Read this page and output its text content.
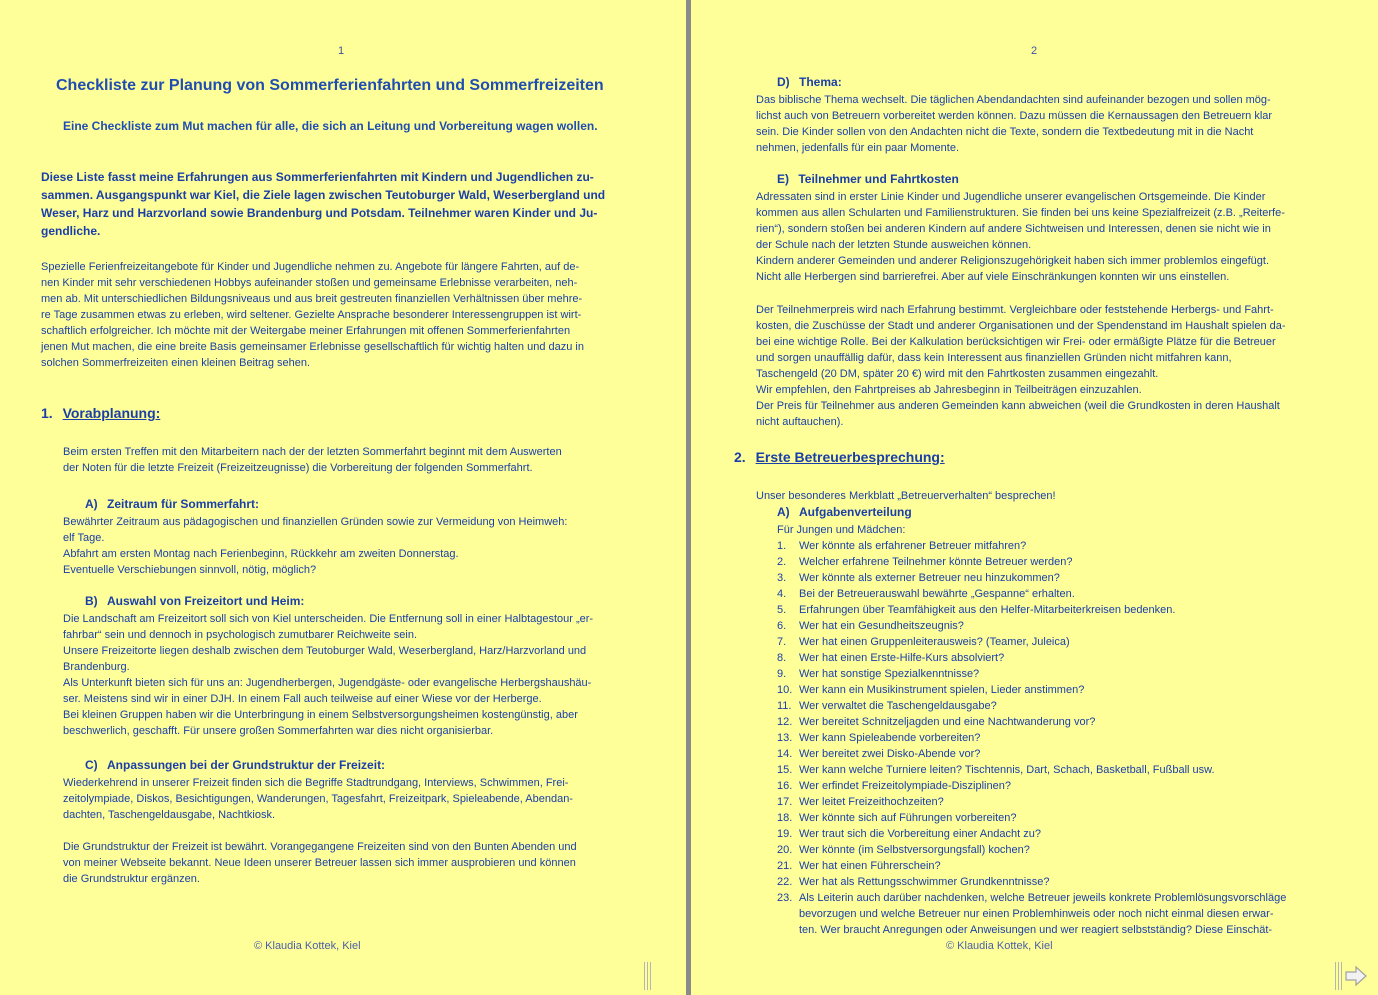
1
Checkliste zur Planung von Sommerferienfahrten und Sommerfreizeiten
Eine Checkliste zum Mut machen für alle, die sich an Leitung und Vorbereitung wagen wollen.
Diese Liste fasst meine Erfahrungen aus Sommerferienfahrten mit Kindern und Jugendlichen zu-
sammen. Ausgangspunkt war Kiel, die Ziele lagen zwischen Teutoburger Wald, Weserbergland und
Weser, Harz und Harzvorland sowie Brandenburg und Potsdam. Teilnehmer waren Kinder und Ju-
gendliche.
Spezielle Ferienfreizeitangebote für Kinder und Jugendliche nehmen zu. Angebote für längere Fahrten, auf de-
nen Kinder mit sehr verschiedenen Hobbys aufeinander stoßen und gemeinsame Erlebnisse verarbeiten, neh-
men ab. Mit unterschiedlichen Bildungsniveaus und aus breit gestreuten finanziellen Verhältnissen über mehre-
re Tage zusammen etwas zu erleben, wird seltener. Gezielte Ansprache besonderer Interessengruppen ist wirt-
schaftlich erfolgreicher. Ich möchte mit der Weitergabe meiner Erfahrungen mit offenen Sommerferienfahrten
jenen Mut machen, die eine breite Basis gemeinsamer Erlebnisse gesellschaftlich für wichtig halten und dazu in
solchen Sommerfreizeiten einen kleinen Beitrag sehen.
1. Vorabplanung:
Beim ersten Treffen mit den Mitarbeitern nach der der letzten Sommerfahrt beginnt mit dem Auswerten
der Noten für die letzte Freizeit (Freizeitzeugnisse) die Vorbereitung der folgenden Sommerfahrt.
A) Zeitraum für Sommerfahrt:
Bewährter Zeitraum aus pädagogischen und finanziellen Gründen sowie zur Vermeidung von Heimweh:
elf Tage.
Abfahrt am ersten Montag nach Ferienbeginn, Rückkehr am zweiten Donnerstag.
Eventuelle Verschiebungen sinnvoll, nötig, möglich?
B) Auswahl von Freizeitort und Heim:
Die Landschaft am Freizeitort soll sich von Kiel unterscheiden. Die Entfernung soll in einer Halbtagestour „er-
fahrbar“ sein und dennoch in psychologisch zumutbarer Reichweite sein.
Unsere Freizeitorte liegen deshalb zwischen dem Teutoburger Wald, Weserbergland, Harz/Harzvorland und
Brandenburg.
Als Unterkunft bieten sich für uns an: Jugendherbergen, Jugendgäste- oder evangelische Herbergshaushäu-
ser. Meistens sind wir in einer DJH. In einem Fall auch teilweise auf einer Wiese vor der Herberge.
Bei kleinen Gruppen haben wir die Unterbringung in einem Selbstversorgungsheimen kostengünstig, aber
beschwerlich, geschafft. Für unsere großen Sommerfahrten war dies nicht organisierbar.
C) Anpassungen bei der Grundstruktur der Freizeit:
Wiederkehrend in unserer Freizeit finden sich die Begriffe Stadtrundgang, Interviews, Schwimmen, Frei-
zeitolympiade, Diskos, Besichtigungen, Wanderungen, Tagesfahrt, Freizeitpark, Spieleabende, Abendan-
dachten, Taschengeldausgabe, Nachtkiosk.
Die Grundstruktur der Freizeit ist bewährt. Vorangegangene Freizeiten sind von den Bunten Abenden und
von meiner Webseite bekannt. Neue Ideen unserer Betreuer lassen sich immer ausprobieren und können
die Grundstruktur ergänzen.
© Klaudia Kottek, Kiel
2
D) Thema:
Das biblische Thema wechselt. Die täglichen Abendandachten sind aufeinander bezogen und sollen mög-
lichst auch von Betreuern vorbereitet werden können. Dazu müssen die Kernaussagen den Betreuern klar
sein. Die Kinder sollen von den Andachten nicht die Texte, sondern die Textbedeutung mit in die Nacht
nehmen, jedenfalls für ein paar Momente.
E) Teilnehmer und Fahrtkosten
Adressaten sind in erster Linie Kinder und Jugendliche unserer evangelischen Ortsgemeinde. Die Kinder
kommen aus allen Schularten und Familienstrukturen. Sie finden bei uns keine Spezialfreizeit (z.B. „Reiterfe-
rien“), sondern stoßen bei anderen Kindern auf andere Sichtweisen und Interessen, denen sie nicht wie in
der Schule nach der letzten Stunde ausweichen können.
Kindern anderer Gemeinden und anderer Religionszugehörigkeit haben sich immer problemlos eingefügt.
Nicht alle Herbergen sind barrierefrei. Aber auf viele Einschränkungen konnten wir uns einstellen.
Der Teilnehmerpreis wird nach Erfahrung bestimmt. Vergleichbare oder feststehende Herbergs- und Fahrt-
kosten, die Zuschüsse der Stadt und anderer Organisationen und der Spendenstand im Haushalt spielen da-
bei eine wichtige Rolle. Bei der Kalkulation berücksichtigen wir Frei- oder ermäßigte Plätze für die Betreuer
und sorgen unauffällig dafür, dass kein Interessent aus finanziellen Gründen nicht mitfahren kann,
Taschengeld (20 DM, später 20 €) wird mit den Fahrtkosten zusammen eingezahlt.
Wir empfehlen, den Fahrtpreises ab Jahresbeginn in Teilbeiträgen einzuzahlen.
Der Preis für Teilnehmer aus anderen Gemeinden kann abweichen (weil die Grundkosten in deren Haushalt
nicht auftauchen).
2. Erste Betreuerbesprechung:
Unser besonderes Merkblatt „Betreuerverhalten“ besprechen!
A) Aufgabenverteilung
Für Jungen und Mädchen:
1. Wer könnte als erfahrener Betreuer mitfahren?
2. Welcher erfahrene Teilnehmer könnte Betreuer werden?
3. Wer könnte als externer Betreuer neu hinzukommen?
4. Bei der Betreuerauswahl bewährte „Gespanne“ erhalten.
5. Erfahrungen über Teamfähigkeit aus den Helfer-Mitarbeiterkreisen bedenken.
6. Wer hat ein Gesundheitszeugnis?
7. Wer hat einen Gruppenleiterausweis? (Teamer, Juleica)
8. Wer hat einen Erste-Hilfe-Kurs absolviert?
9. Wer hat sonstige Spezialkenntnisse?
10. Wer kann ein Musikinstrument spielen, Lieder anstimmen?
11. Wer verwaltet die Taschengeldausgabe?
12. Wer bereitet Schnitzeljagden und eine Nachtwanderung vor?
13. Wer kann Spieleabende vorbereiten?
14. Wer bereitet zwei Disko-Abende vor?
15. Wer kann welche Turniere leiten? Tischtennis, Dart, Schach, Basketball, Fußball usw.
16. Wer erfindet Freizeitolympiade-Disziplinen?
17. Wer leitet Freizeithochzeiten?
18. Wer könnte sich auf Führungen vorbereiten?
19. Wer traut sich die Vorbereitung einer Andacht zu?
20. Wer könnte (im Selbstversorgungsfall) kochen?
21. Wer hat einen Führerschein?
22. Wer hat als Rettungsschwimmer Grundkenntnisse?
23. Als Leiterin auch darüber nachdenken, welche Betreuer jeweils konkrete Problemlösungsvorschläge
bevorzugen und welche Betreuer nur einen Problemhinweis oder noch nicht einmal diesen erwar-
ten. Wer braucht Anregungen oder Anweisungen und wer reagiert selbstständig? Diese Einschät-
© Klaudia Kottek, Kiel
